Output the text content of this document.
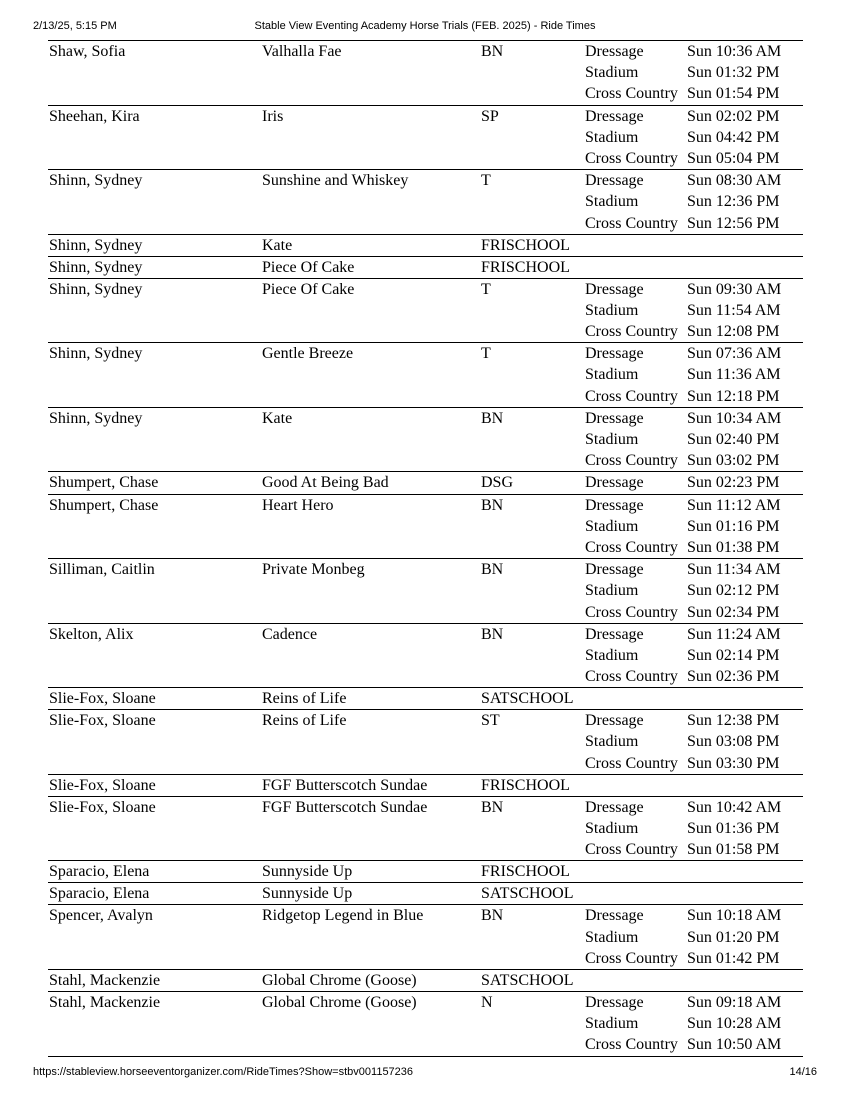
2/13/25, 5:15 PM	Stable View Eventing Academy Horse Trials (FEB. 2025) - Ride Times
Shaw, Sofia	Valhalla Fae	BN	Dressage	Sun 10:36 AM
Stadium	Sun 01:32 PM
Cross Country Sun 01:54 PM
Sheehan, Kira	Iris	SP	Dressage	Sun 02:02 PM
Stadium	Sun 04:42 PM
Cross Country Sun 05:04 PM
Shinn, Sydney	Sunshine and Whiskey	T	Dressage	Sun 08:30 AM
Stadium	Sun 12:36 PM
Cross Country Sun 12:56 PM
Shinn, Sydney	Kate	FRISCHOOL
Shinn, Sydney	Piece Of Cake	FRISCHOOL
Shinn, Sydney	Piece Of Cake	T	Dressage	Sun 09:30 AM
Stadium	Sun 11:54 AM
Cross Country Sun 12:08 PM
Shinn, Sydney	Gentle Breeze	T	Dressage	Sun 07:36 AM
Stadium	Sun 11:36 AM
Cross Country Sun 12:18 PM
Shinn, Sydney	Kate	BN	Dressage	Sun 10:34 AM
Stadium	Sun 02:40 PM
Cross Country Sun 03:02 PM
Shumpert, Chase	Good At Being Bad	DSG	Dressage	Sun 02:23 PM
Shumpert, Chase	Heart Hero	BN	Dressage	Sun 11:12 AM
Stadium	Sun 01:16 PM
Cross Country Sun 01:38 PM
Silliman, Caitlin	Private Monbeg	BN	Dressage	Sun 11:34 AM
Stadium	Sun 02:12 PM
Cross Country Sun 02:34 PM
Skelton, Alix	Cadence	BN	Dressage	Sun 11:24 AM
Stadium	Sun 02:14 PM
Cross Country Sun 02:36 PM
Slie-Fox, Sloane	Reins of Life	SATSCHOOL
Slie-Fox, Sloane	Reins of Life	ST	Dressage	Sun 12:38 PM
Stadium	Sun 03:08 PM
Cross Country Sun 03:30 PM
Slie-Fox, Sloane	FGF Butterscotch Sundae	FRISCHOOL
Slie-Fox, Sloane	FGF Butterscotch Sundae	BN	Dressage	Sun 10:42 AM
Stadium	Sun 01:36 PM
Cross Country Sun 01:58 PM
Sparacio, Elena	Sunnyside Up	FRISCHOOL
Sparacio, Elena	Sunnyside Up	SATSCHOOL
Spencer, Avalyn	Ridgetop Legend in Blue	BN	Dressage	Sun 10:18 AM
Stadium	Sun 01:20 PM
Cross Country Sun 01:42 PM
Stahl, Mackenzie	Global Chrome (Goose)	SATSCHOOL
Stahl, Mackenzie	Global Chrome (Goose)	N	Dressage	Sun 09:18 AM
Stadium	Sun 10:28 AM
Cross Country Sun 10:50 AM
https://stableview.horseeventorganizer.com/RideTimes?Show=stbv001157236	14/16
